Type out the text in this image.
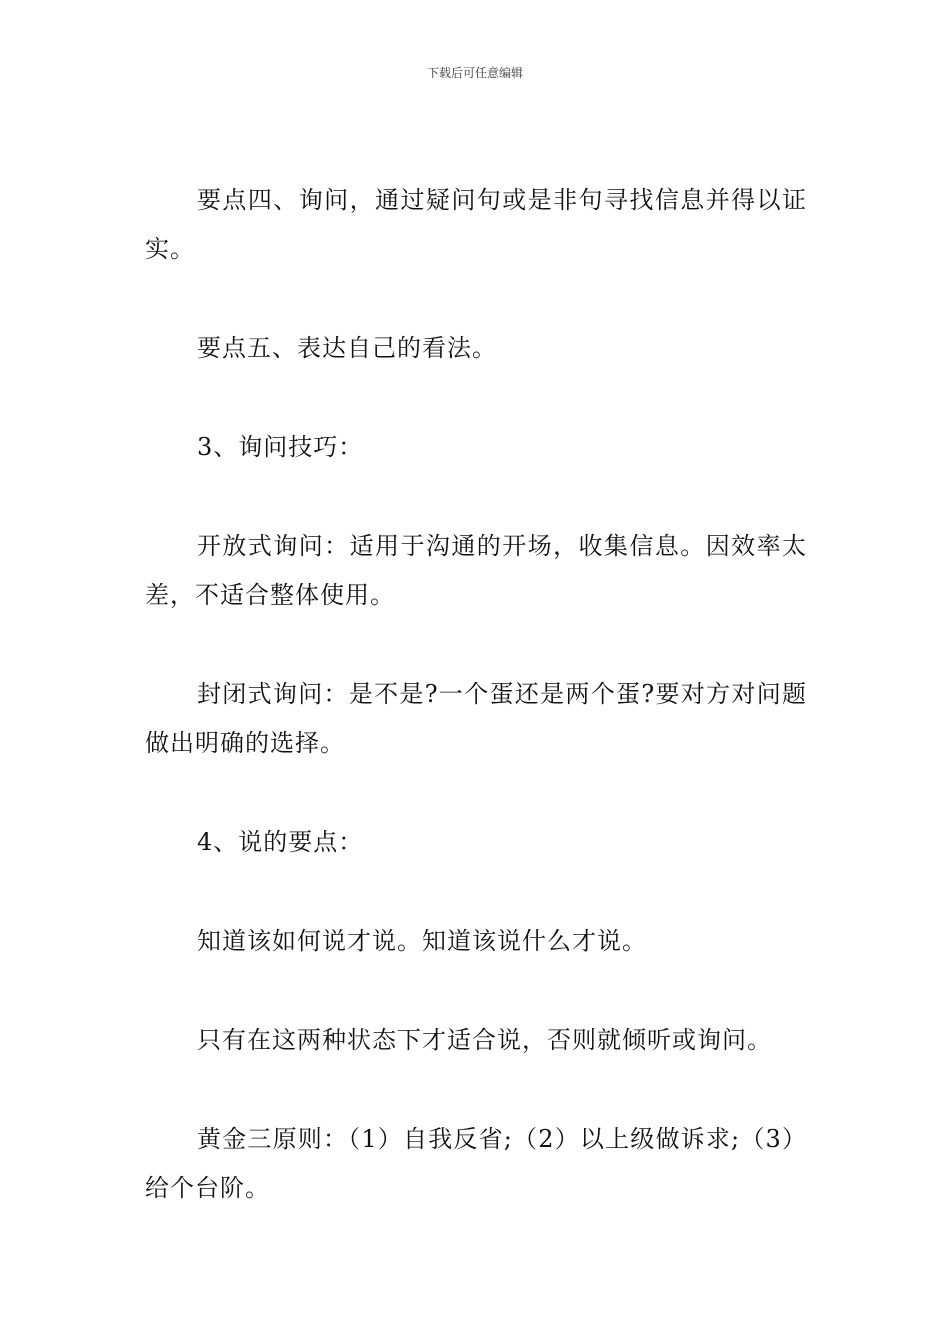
下载后可任意编辑

要点四、询问，通过疑问句或是非句寻找信息并得以证实。

要点五、表达自己的看法。

3、询问技巧：

开放式询问：适用于沟通的开场，收集信息。因效率太差，不适合整体使用。

封闭式询问：是不是?一个蛋还是两个蛋?要对方对问题做出明确的选择。

4、说的要点：

知道该如何说才说。知道该说什么才说。

只有在这两种状态下才适合说，否则就倾听或询问。

黄金三原则：（1）自我反省;（2）以上级做诉求;（3）给个台阶。
